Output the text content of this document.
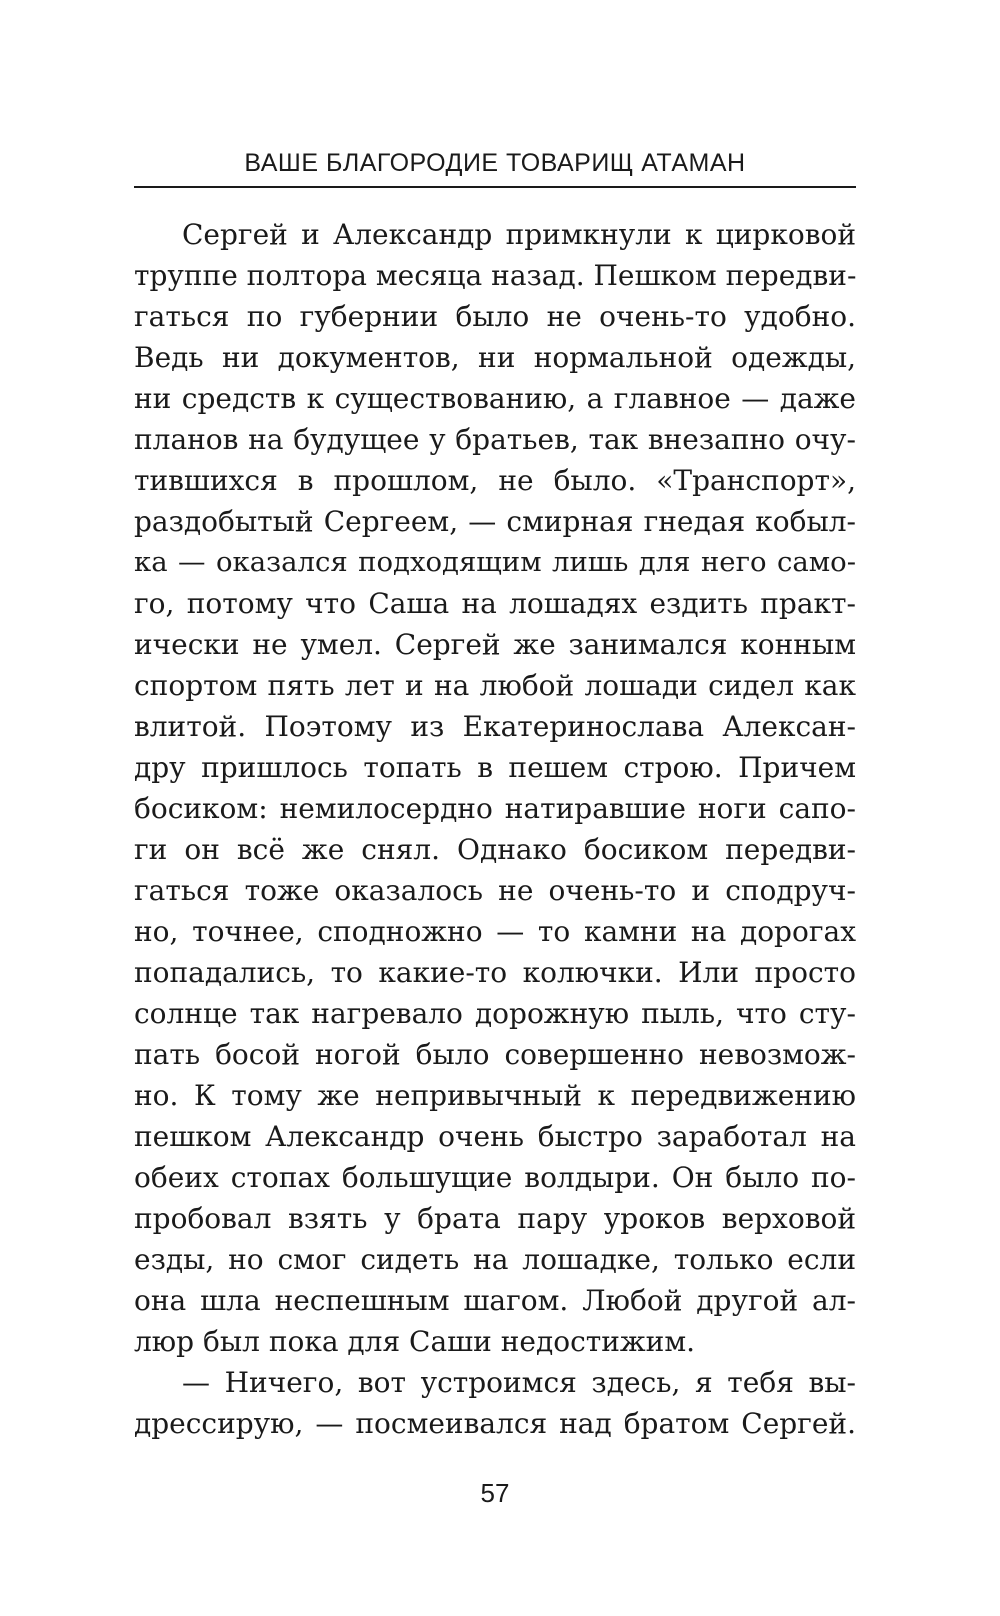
ВАШЕ БЛАГОРОДИЕ ТОВАРИЩ АТАМАН
Сергей и Александр примкнули к цирковой
труппе полтора месяца назад. Пешком передви-
гаться по губернии было не очень-то удобно.
Ведь ни документов, ни нормальной одежды,
ни средств к существованию, а главное — даже
планов на будущее у братьев, так внезапно очу-
тившихся в прошлом, не было. «Транспорт»,
раздобытый Сергеем, — смирная гнедая кобыл-
ка — оказался подходящим лишь для него само-
го, потому что Саша на лошадях ездить практ-
ически не умел. Сергей же занимался конным
спортом пять лет и на любой лошади сидел как
влитой. Поэтому из Екатеринослава Алексан-
дру пришлось топать в пешем строю. Причем
босиком: немилосердно натиравшие ноги сапо-
ги он всё же снял. Однако босиком передви-
гаться тоже оказалось не очень-то и сподруч-
но, точнее, сподножно — то камни на дорогах
попадались, то какие-то колючки. Или просто
солнце так нагревало дорожную пыль, что сту-
пать босой ногой было совершенно невозмож-
но. К тому же непривычный к передвижению
пешком Александр очень быстро заработал на
обеих стопах большущие волдыри. Он было по-
пробовал взять у брата пару уроков верховой
езды, но смог сидеть на лошадке, только если
она шла неспешным шагом. Любой другой ал-
люр был пока для Саши недостижим.
— Ничего, вот устроимся здесь, я тебя вы-
дрессирую, — посмеивался над братом Сергей.
57
